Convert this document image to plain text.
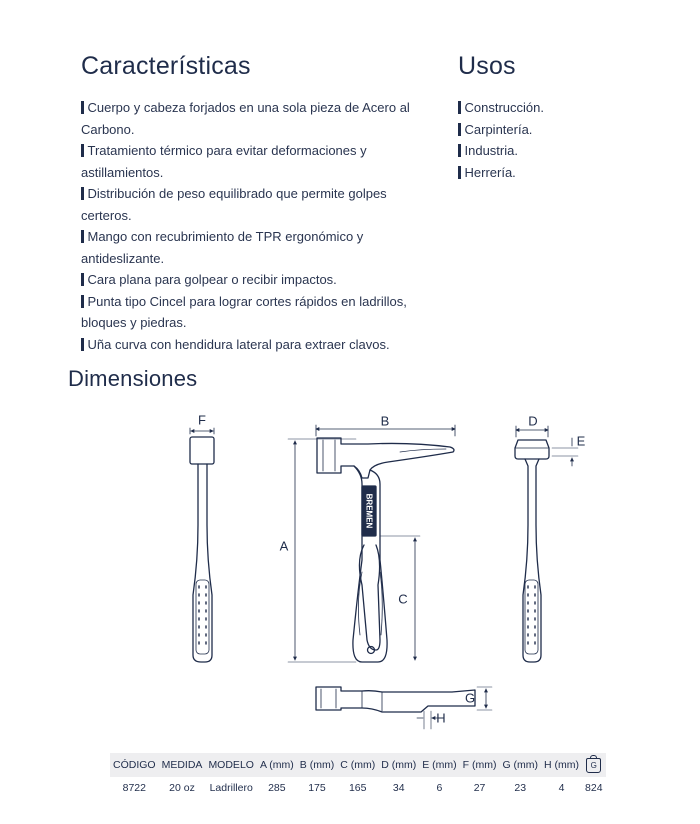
Características

Cuerpo y cabeza forjados en una sola pieza de Acero al Carbono.

Tratamiento térmico para evitar deformaciones y astillamientos.

Distribución de peso equilibrado que permite golpes certeros.

Mango con recubrimiento de TPR ergonómico y antideslizante.

Cara plana para golpear o recibir impactos.

Punta tipo Cincel para lograr cortes rápidos en ladrillos, bloques y piedras.

Uña curva con hendidura lateral para extraer clavos.

Usos

Construcción.

Carpintería.

Industria.

Herrería.

Dimensiones
BREMEN
F	B	D
E
A
C
G
H
CÓDIGO	MEDIDA	MODELO	A (mm)	B (mm)	C (mm)	D (mm)	E (mm)	F (mm)	G (mm)	H (mm)	G
8722	20 oz	Ladrillero	285	175	165	34	6	27	23	4	824
